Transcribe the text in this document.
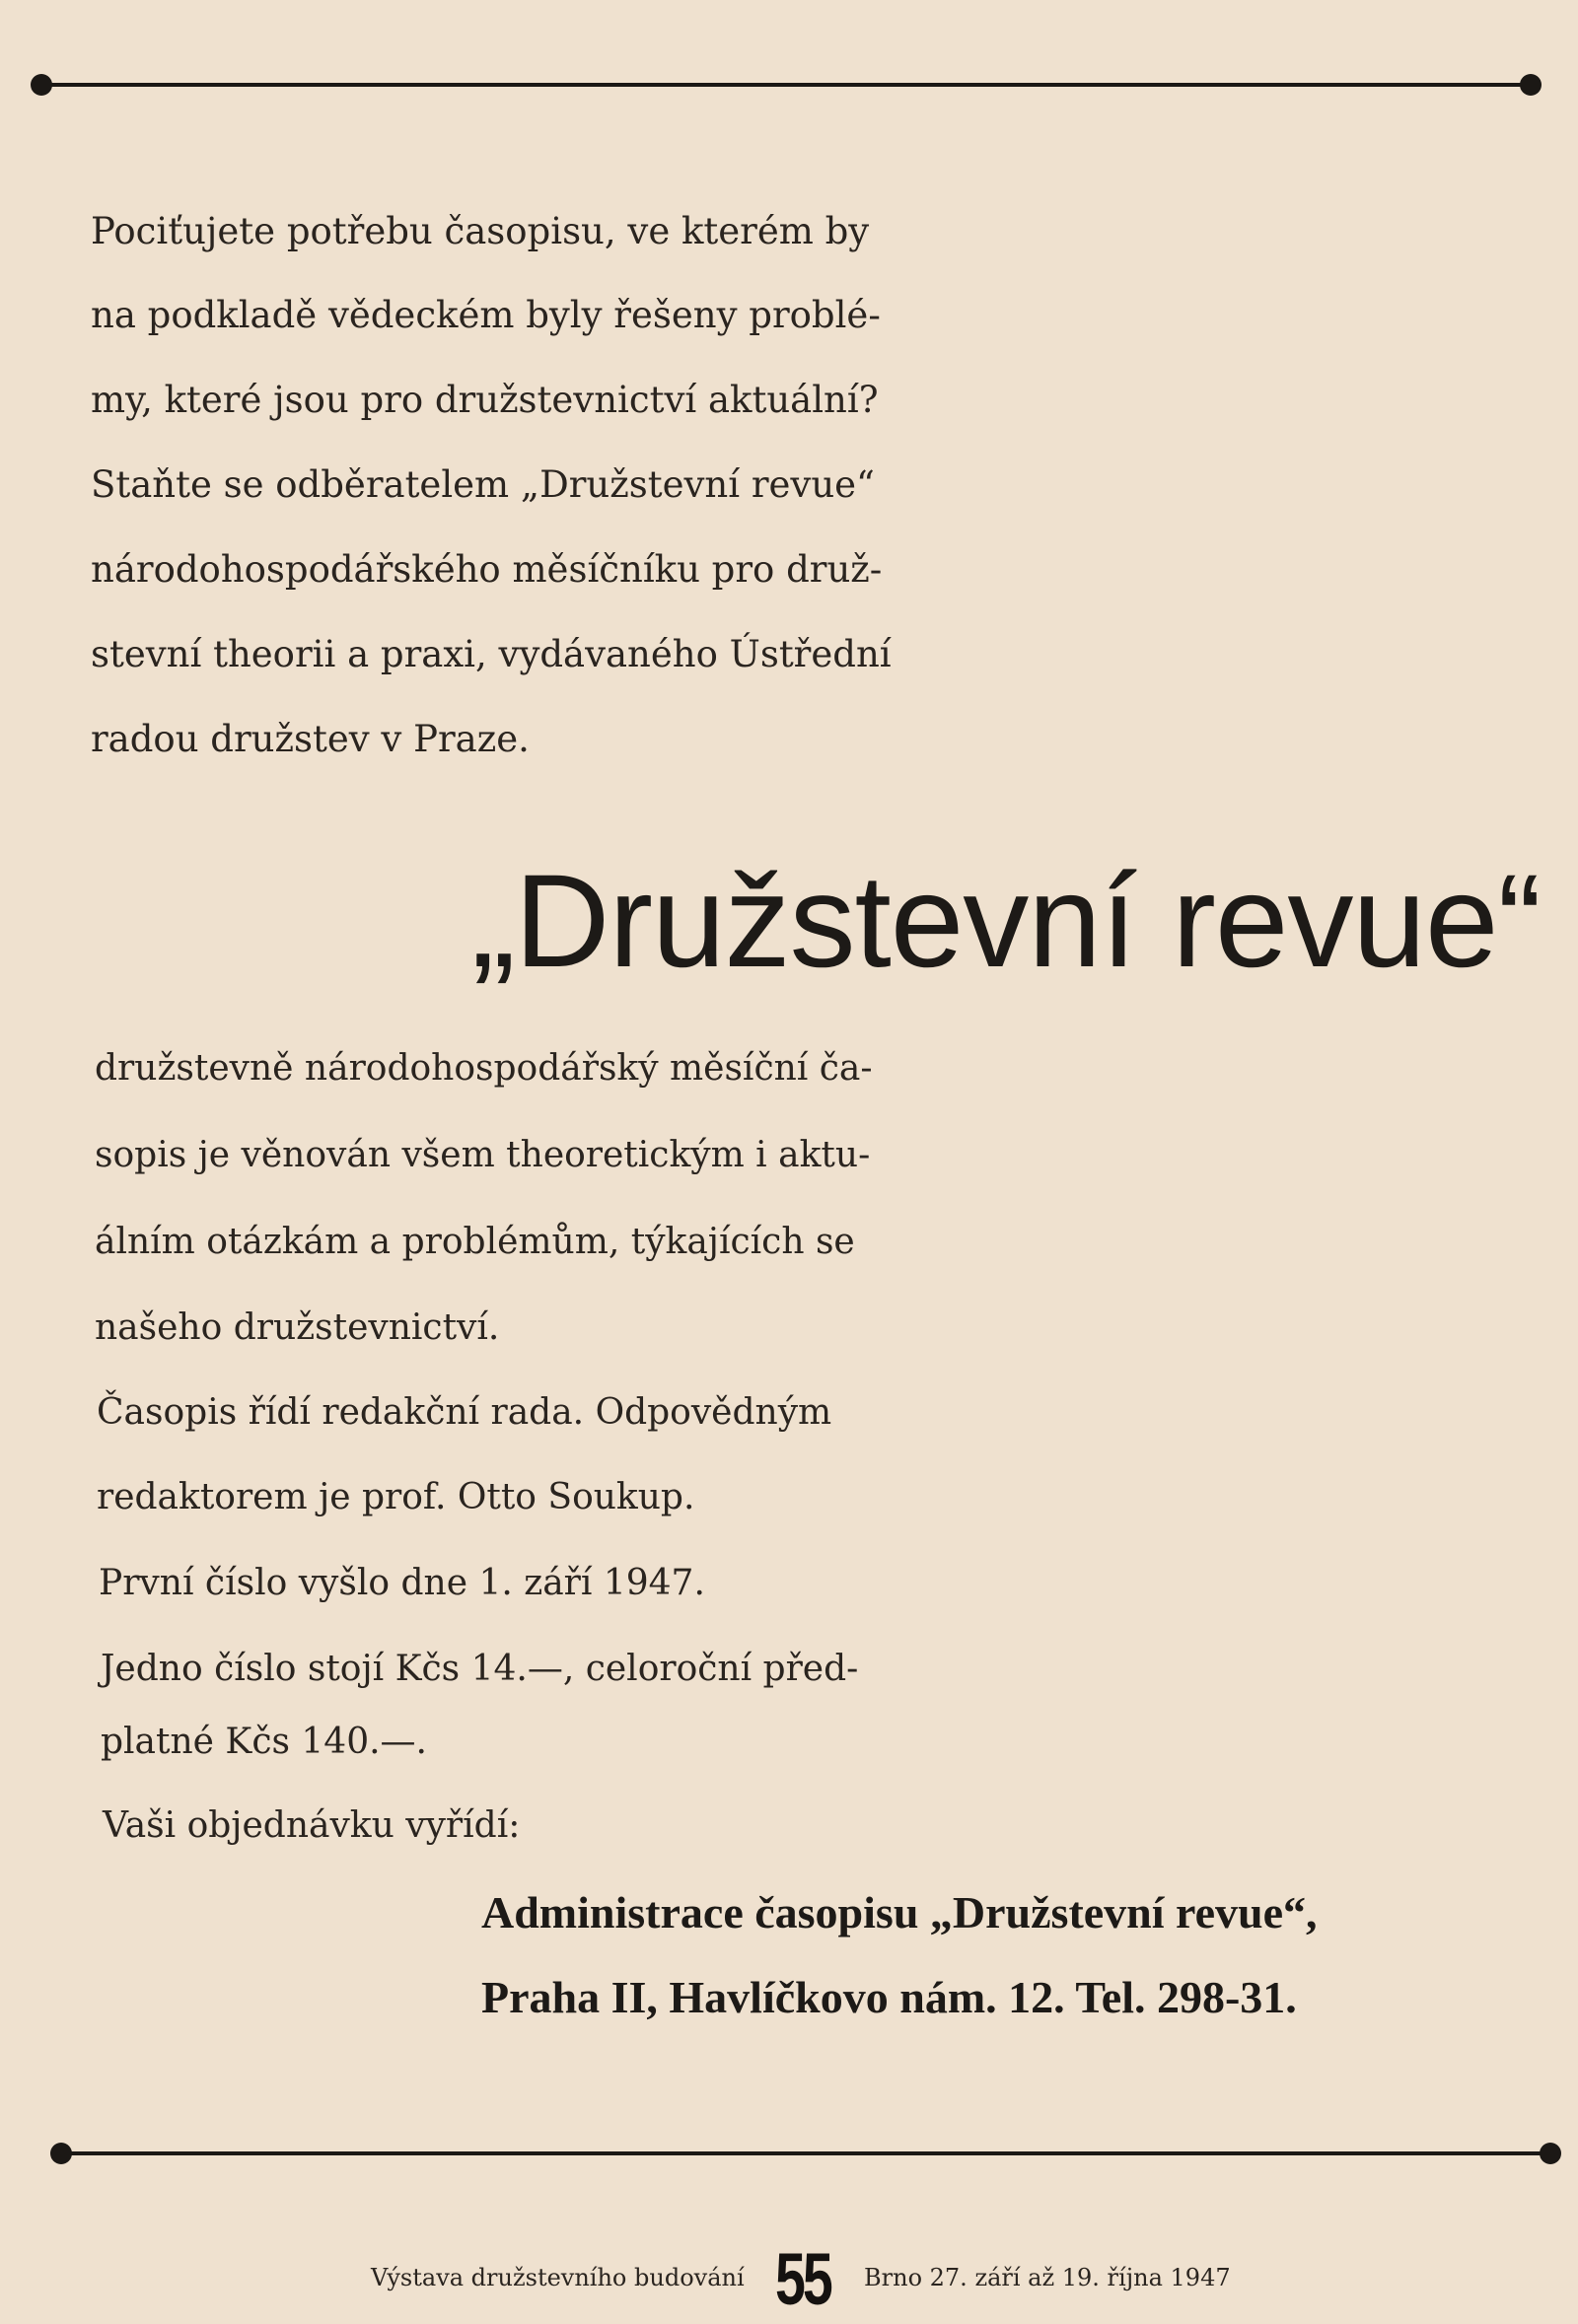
Pociťujete potřebu časopisu, ve kterém by
na podkladě vědeckém byly řešeny problé-
my, které jsou pro družstevnictví aktuální?
Staňte se odběratelem „Družstevní revue“
národohospodářského měsíčníku pro druž-
stevní theorii a praxi, vydávaného Ústřední
radou družstev v Praze.
„Družstevní revue“
družstevně národohospodářský měsíční ča-
sopis je věnován všem theoretickým i aktu-
álním otázkám a problémům, týkajících se
našeho družstevnictví.
Časopis řídí redakční rada. Odpovědným
redaktorem je prof. Otto Soukup.
První číslo vyšlo dne 1. září 1947.
Jedno číslo stojí Kčs 14.—, celoroční před-
platné Kčs 140.—.
Vaši objednávku vyřídí:
Administrace časopisu „Družstevní revue“,
Praha II, Havlíčkovo nám. 12. Tel. 298-31.
Výstava družstevního budování 55 Brno 27. září až 19. října 1947
